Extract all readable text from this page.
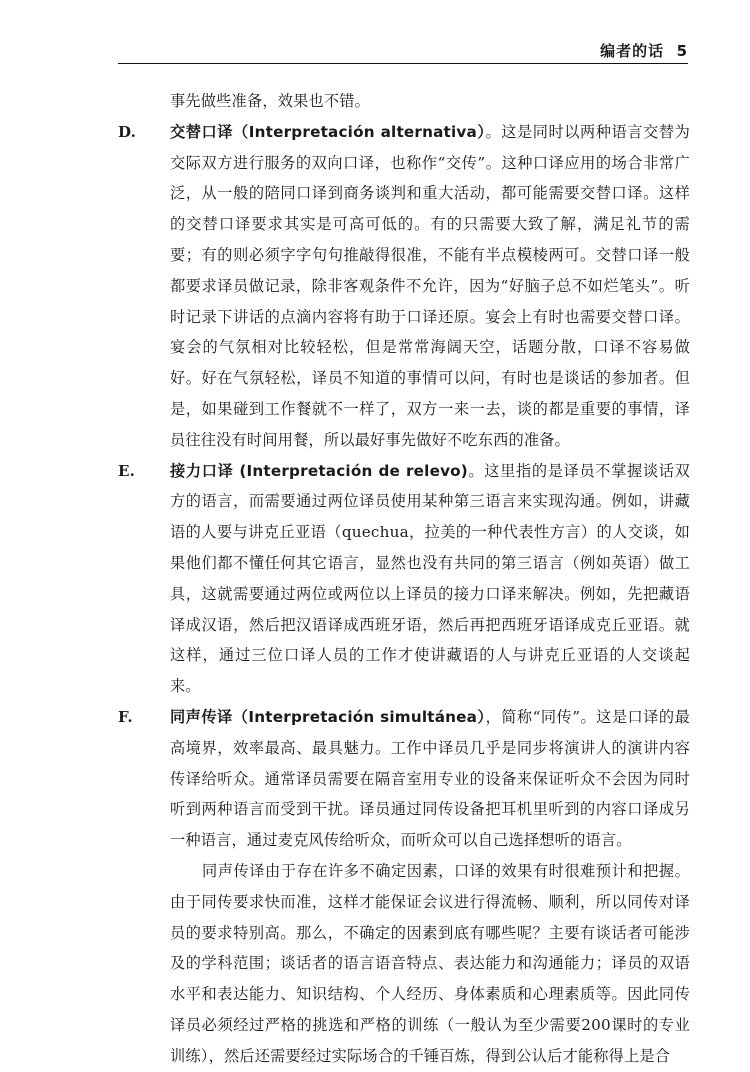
编者的话 5

事先做些准备，效果也不错。

D. 交替口译（Interpretación alternativa）。这是同时以两种语言交替为交际双方进行服务的双向口译，也称作“交传”。这种口译应用的场合非常广泛，从一般的陪同口译到商务谈判和重大活动，都可能需要交替口译。这样的交替口译要求其实是可高可低的。有的只需要大致了解，满足礼节的需要；有的则必须字字句句推敲得很准，不能有半点模棱两可。交替口译一般都要求译员做记录，除非客观条件不允许，因为“好脑子总不如烂笔头”。听时记录下讲话的点滴内容将有助于口译还原。宴会上有时也需要交替口译。宴会的气氛相对比较轻松，但是常常海阔天空，话题分散，口译不容易做好。好在气氛轻松，译员不知道的事情可以问，有时也是谈话的参加者。但是，如果碰到工作餐就不一样了，双方一来一去，谈的都是重要的事情，译员往往没有时间用餐，所以最好事先做好不吃东西的准备。

E. 接力口译 (Interpretación de relevo)。这里指的是译员不掌握谈话双方的语言，而需要通过两位译员使用某种第三语言来实现沟通。例如，讲藏语的人要与讲克丘亚语（quechua，拉美的一种代表性方言）的人交谈，如果他们都不懂任何其它语言，显然也没有共同的第三语言（例如英语）做工具，这就需要通过两位或两位以上译员的接力口译来解决。例如，先把藏语译成汉语，然后把汉语译成西班牙语，然后再把西班牙语译成克丘亚语。就这样，通过三位口译人员的工作才使讲藏语的人与讲克丘亚语的人交谈起来。

F. 同声传译（Interpretación simultánea），简称“同传”。这是口译的最高境界，效率最高、最具魅力。工作中译员几乎是同步将演讲人的演讲内容传译给听众。通常译员需要在隔音室用专业的设备来保证听众不会因为同时听到两种语言而受到干扰。译员通过同传设备把耳机里听到的内容口译成另一种语言，通过麦克风传给听众，而听众可以自己选择想听的语言。

同声传译由于存在许多不确定因素，口译的效果有时很难预计和把握。由于同传要求快而准，这样才能保证会议进行得流畅、顺利，所以同传对译员的要求特别高。那么，不确定的因素到底有哪些呢？主要有谈话者可能涉及的学科范围；谈话者的语言语音特点、表达能力和沟通能力；译员的双语水平和表达能力、知识结构、个人经历、身体素质和心理素质等。因此同传译员必须经过严格的挑选和严格的训练（一般认为至少需要200课时的专业训练），然后还需要经过实际场合的千锤百炼，得到公认后才能称得上是合
